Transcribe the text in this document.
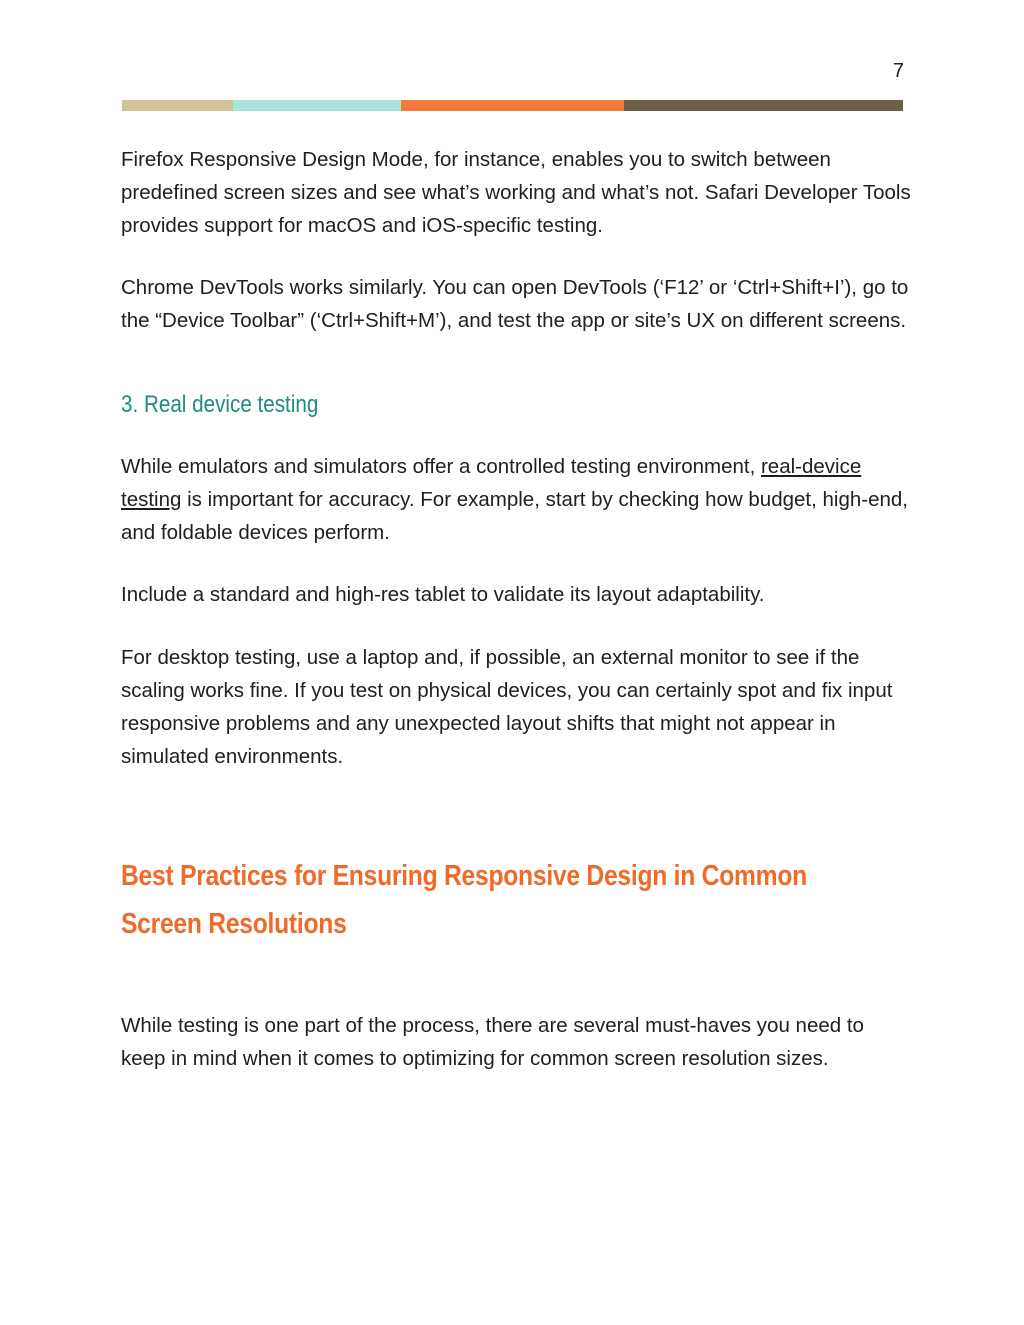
7

Firefox Responsive Design Mode, for instance, enables you to switch between predefined screen sizes and see what’s working and what’s not. Safari Developer Tools provides support for macOS and iOS-specific testing.

Chrome DevTools works similarly. You can open DevTools (‘F12’ or ‘Ctrl+Shift+I’), go to the “Device Toolbar” (‘Ctrl+Shift+M’), and test the app or site’s UX on different screens.

3. Real device testing

While emulators and simulators offer a controlled testing environment, real-device testing is important for accuracy. For example, start by checking how budget, high-end, and foldable devices perform.

Include a standard and high-res tablet to validate its layout adaptability.

For desktop testing, use a laptop and, if possible, an external monitor to see if the scaling works fine. If you test on physical devices, you can certainly spot and fix input responsive problems and any unexpected layout shifts that might not appear in simulated environments.

Best Practices for Ensuring Responsive Design in Common Screen Resolutions

While testing is one part of the process, there are several must-haves you need to keep in mind when it comes to optimizing for common screen resolution sizes.
